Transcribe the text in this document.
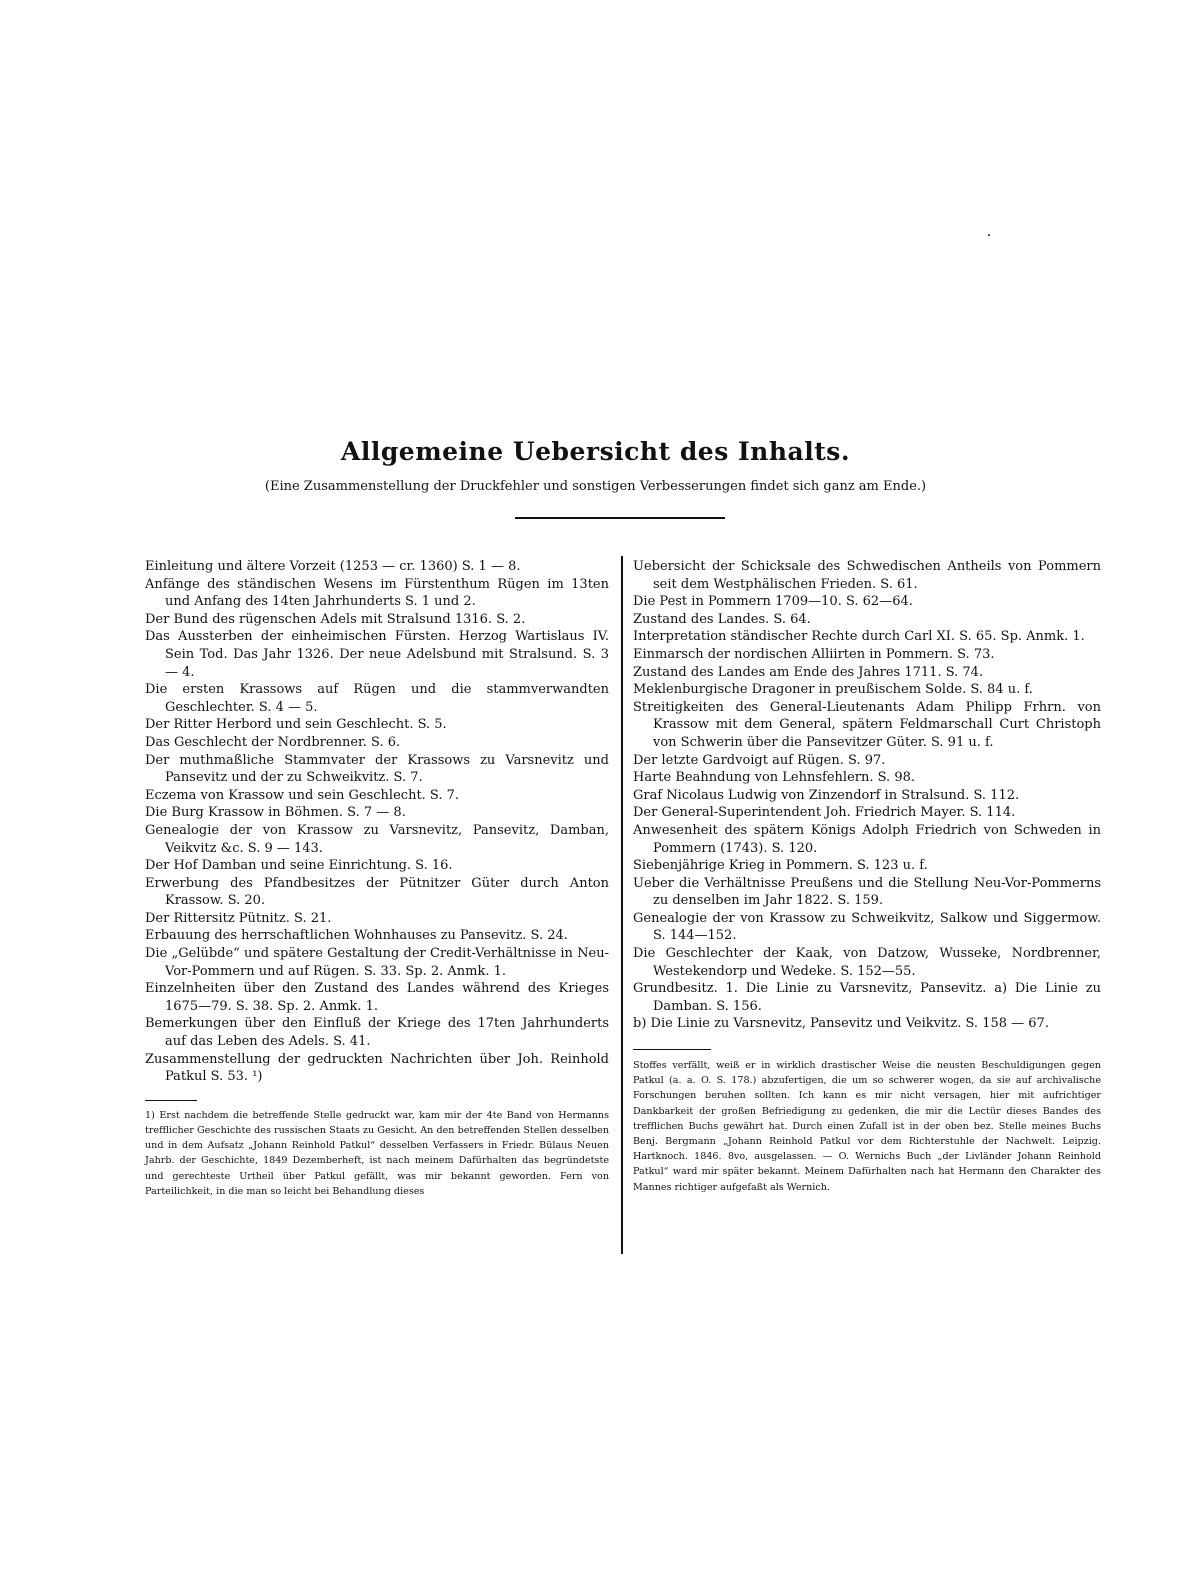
Allgemeine Uebersicht des Inhalts.

(Eine Zusammenstellung der Druckfehler und sonstigen Verbesserungen findet sich ganz am Ende.)

Einleitung und ältere Vorzeit (1253 — cr. 1360) S. 1 — 8.

Anfänge des ständischen Wesens im Fürstenthum Rügen im 13ten und Anfang des 14ten Jahrhunderts S. 1 und 2.

Der Bund des rügenschen Adels mit Stralsund 1316. S. 2.

Das Aussterben der einheimischen Fürsten. Herzog Wartislaus IV. Sein Tod. Das Jahr 1326. Der neue Adelsbund mit Stralsund. S. 3 — 4.

Die ersten Krassows auf Rügen und die stammverwandten Geschlechter. S. 4 — 5.

Der Ritter Herbord und sein Geschlecht. S. 5.

Das Geschlecht der Nordbrenner. S. 6.

Der muthmaßliche Stammvater der Krassows zu Varsnevitz und Pansevitz und der zu Schweikvitz. S. 7.

Eczema von Krassow und sein Geschlecht. S. 7.

Die Burg Krassow in Böhmen. S. 7 — 8.

Genealogie der von Krassow zu Varsnevitz, Pansevitz, Damban, Veikvitz &c. S. 9 — 143.

Der Hof Damban und seine Einrichtung. S. 16.

Erwerbung des Pfandbesitzes der Pütnitzer Güter durch Anton Krassow. S. 20.

Der Rittersitz Pütnitz. S. 21.

Erbauung des herrschaftlichen Wohnhauses zu Pansevitz. S. 24.

Die „Gelübde“ und spätere Gestaltung der Credit-Verhältnisse in Neu-Vor-Pommern und auf Rügen. S. 33. Sp. 2. Anmk. 1.

Einzelnheiten über den Zustand des Landes während des Krieges 1675—79. S. 38. Sp. 2. Anmk. 1.

Bemerkungen über den Einfluß der Kriege des 17ten Jahrhunderts auf das Leben des Adels. S. 41.

Zusammenstellung der gedruckten Nachrichten über Joh. Reinhold Patkul S. 53. ¹)

1) Erst nachdem die betreffende Stelle gedruckt war, kam mir der 4te Band von Hermanns trefflicher Geschichte des russischen Staats zu Gesicht. An den betreffenden Stellen desselben und in dem Aufsatz „Johann Reinhold Patkul“ desselben Verfassers in Friedr. Bülaus Neuen Jahrb. der Geschichte, 1849 Dezemberheft, ist nach meinem Dafürhalten das begründetste und gerechteste Urtheil über Patkul gefällt, was mir bekannt geworden. Fern von Parteilichkeit, in die man so leicht bei Behandlung dieses

Uebersicht der Schicksale des Schwedischen Antheils von Pommern seit dem Westphälischen Frieden. S. 61.

Die Pest in Pommern 1709—10. S. 62—64.

Zustand des Landes. S. 64.

Interpretation ständischer Rechte durch Carl XI. S. 65. Sp. Anmk. 1.

Einmarsch der nordischen Alliirten in Pommern. S. 73.

Zustand des Landes am Ende des Jahres 1711. S. 74.

Meklenburgische Dragoner in preußischem Solde. S. 84 u. f.

Streitigkeiten des General-Lieutenants Adam Philipp Frhrn. von Krassow mit dem General, spätern Feldmarschall Curt Christoph von Schwerin über die Pansevitzer Güter. S. 91 u. f.

Der letzte Gardvoigt auf Rügen. S. 97.

Harte Beahndung von Lehnsfehlern. S. 98.

Graf Nicolaus Ludwig von Zinzendorf in Stralsund. S. 112.

Der General-Superintendent Joh. Friedrich Mayer. S. 114.

Anwesenheit des spätern Königs Adolph Friedrich von Schweden in Pommern (1743). S. 120.

Siebenjährige Krieg in Pommern. S. 123 u. f.

Ueber die Verhältnisse Preußens und die Stellung Neu-Vor-Pommerns zu denselben im Jahr 1822. S. 159.

Genealogie der von Krassow zu Schweikvitz, Salkow und Siggermow. S. 144—152.

Die Geschlechter der Kaak, von Datzow, Wusseke, Nordbrenner, Westekendorp und Wedeke. S. 152—55.

Grundbesitz. 1. Die Linie zu Varsnevitz, Pansevitz. a) Die Linie zu Damban. S. 156.

b) Die Linie zu Varsnevitz, Pansevitz und Veikvitz. S. 158 — 67.

Stoffes verfällt, weiß er in wirklich drastischer Weise die neusten Beschuldigungen gegen Patkul (a. a. O. S. 178.) abzufertigen, die um so schwerer wogen, da sie auf archivalische Forschungen beruhen sollten. Ich kann es mir nicht versagen, hier mit aufrichtiger Dankbarkeit der großen Befriedigung zu gedenken, die mir die Lectür dieses Bandes des trefflichen Buchs gewährt hat. Durch einen Zufall ist in der oben bez. Stelle meines Buchs Benj. Bergmann „Johann Reinhold Patkul vor dem Richterstuhle der Nachwelt. Leipzig. Hartknoch. 1846. 8vo, ausgelassen. — O. Wernichs Buch „der Livländer Johann Reinhold Patkul“ ward mir später bekannt. Meinem Dafürhalten nach hat Hermann den Charakter des Mannes richtiger aufgefaßt als Wernich.
